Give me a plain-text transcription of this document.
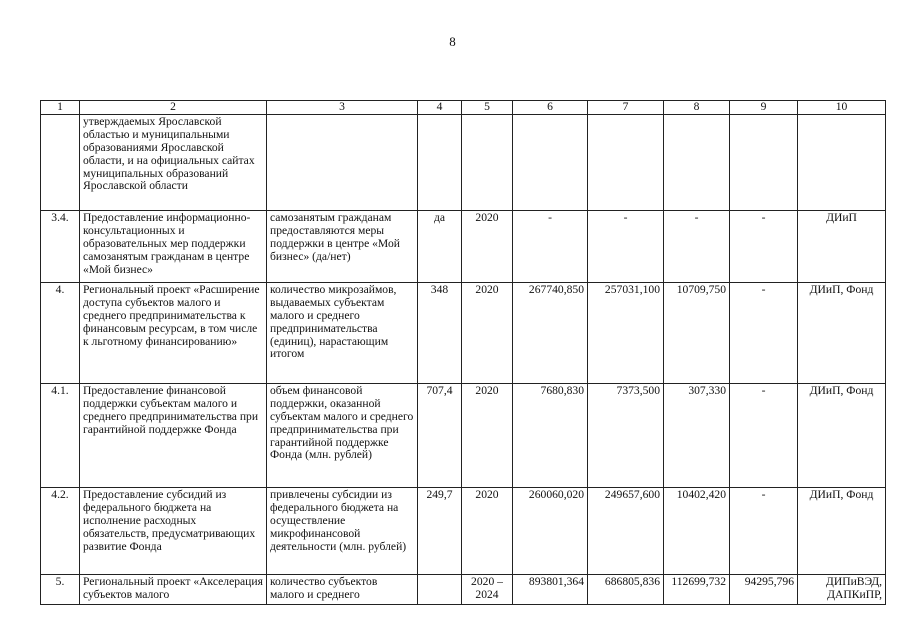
8
1	2	3	4	5	6	7	8	9	10
	утверждаемых Ярославской областью и муниципальными образованиями Ярославской области, и на официальных сайтах муниципальных образований Ярославской области								
3.4.	Предоставление информационно-консультационных и образовательных мер поддержки самозанятым гражданам в центре «Мой бизнес»	самозанятым гражданам предоставляются меры поддержки в центре «Мой бизнес» (да/нет)	да	2020	-	-	-	-	ДИиП
4.	Региональный проект «Расширение доступа субъектов малого и среднего предпринимательства к финансовым ресурсам, в том числе к льготному финансированию»	количество микрозаймов, выдаваемых субъектам малого и среднего предпринимательства (единиц), нарастающим итогом	348	2020	267740,850	257031,100	10709,750	-	ДИиП, Фонд
4.1.	Предоставление финансовой поддержки субъектам малого и среднего предпринимательства при гарантийной поддержке Фонда	объем финансовой поддержки, оказанной субъектам малого и среднего предпринимательства при гарантийной поддержке Фонда (млн. рублей)	707,4	2020	7680,830	7373,500	307,330	-	ДИиП, Фонд
4.2.	Предоставление субсидий из федерального бюджета на исполнение расходных обязательств, предусматривающих развитие Фонда	привлечены субсидии из федерального бюджета на осуществление микрофинансовой деятельности (млн. рублей)	249,7	2020	260060,020	249657,600	10402,420	-	ДИиП, Фонд
5.	Региональный проект «Акселерация субъектов малого	количество субъектов малого и среднего		2020 – 2024	893801,364	686805,836	112699,732	94295,796	ДИПиВЭД, ДАПКиПР,
